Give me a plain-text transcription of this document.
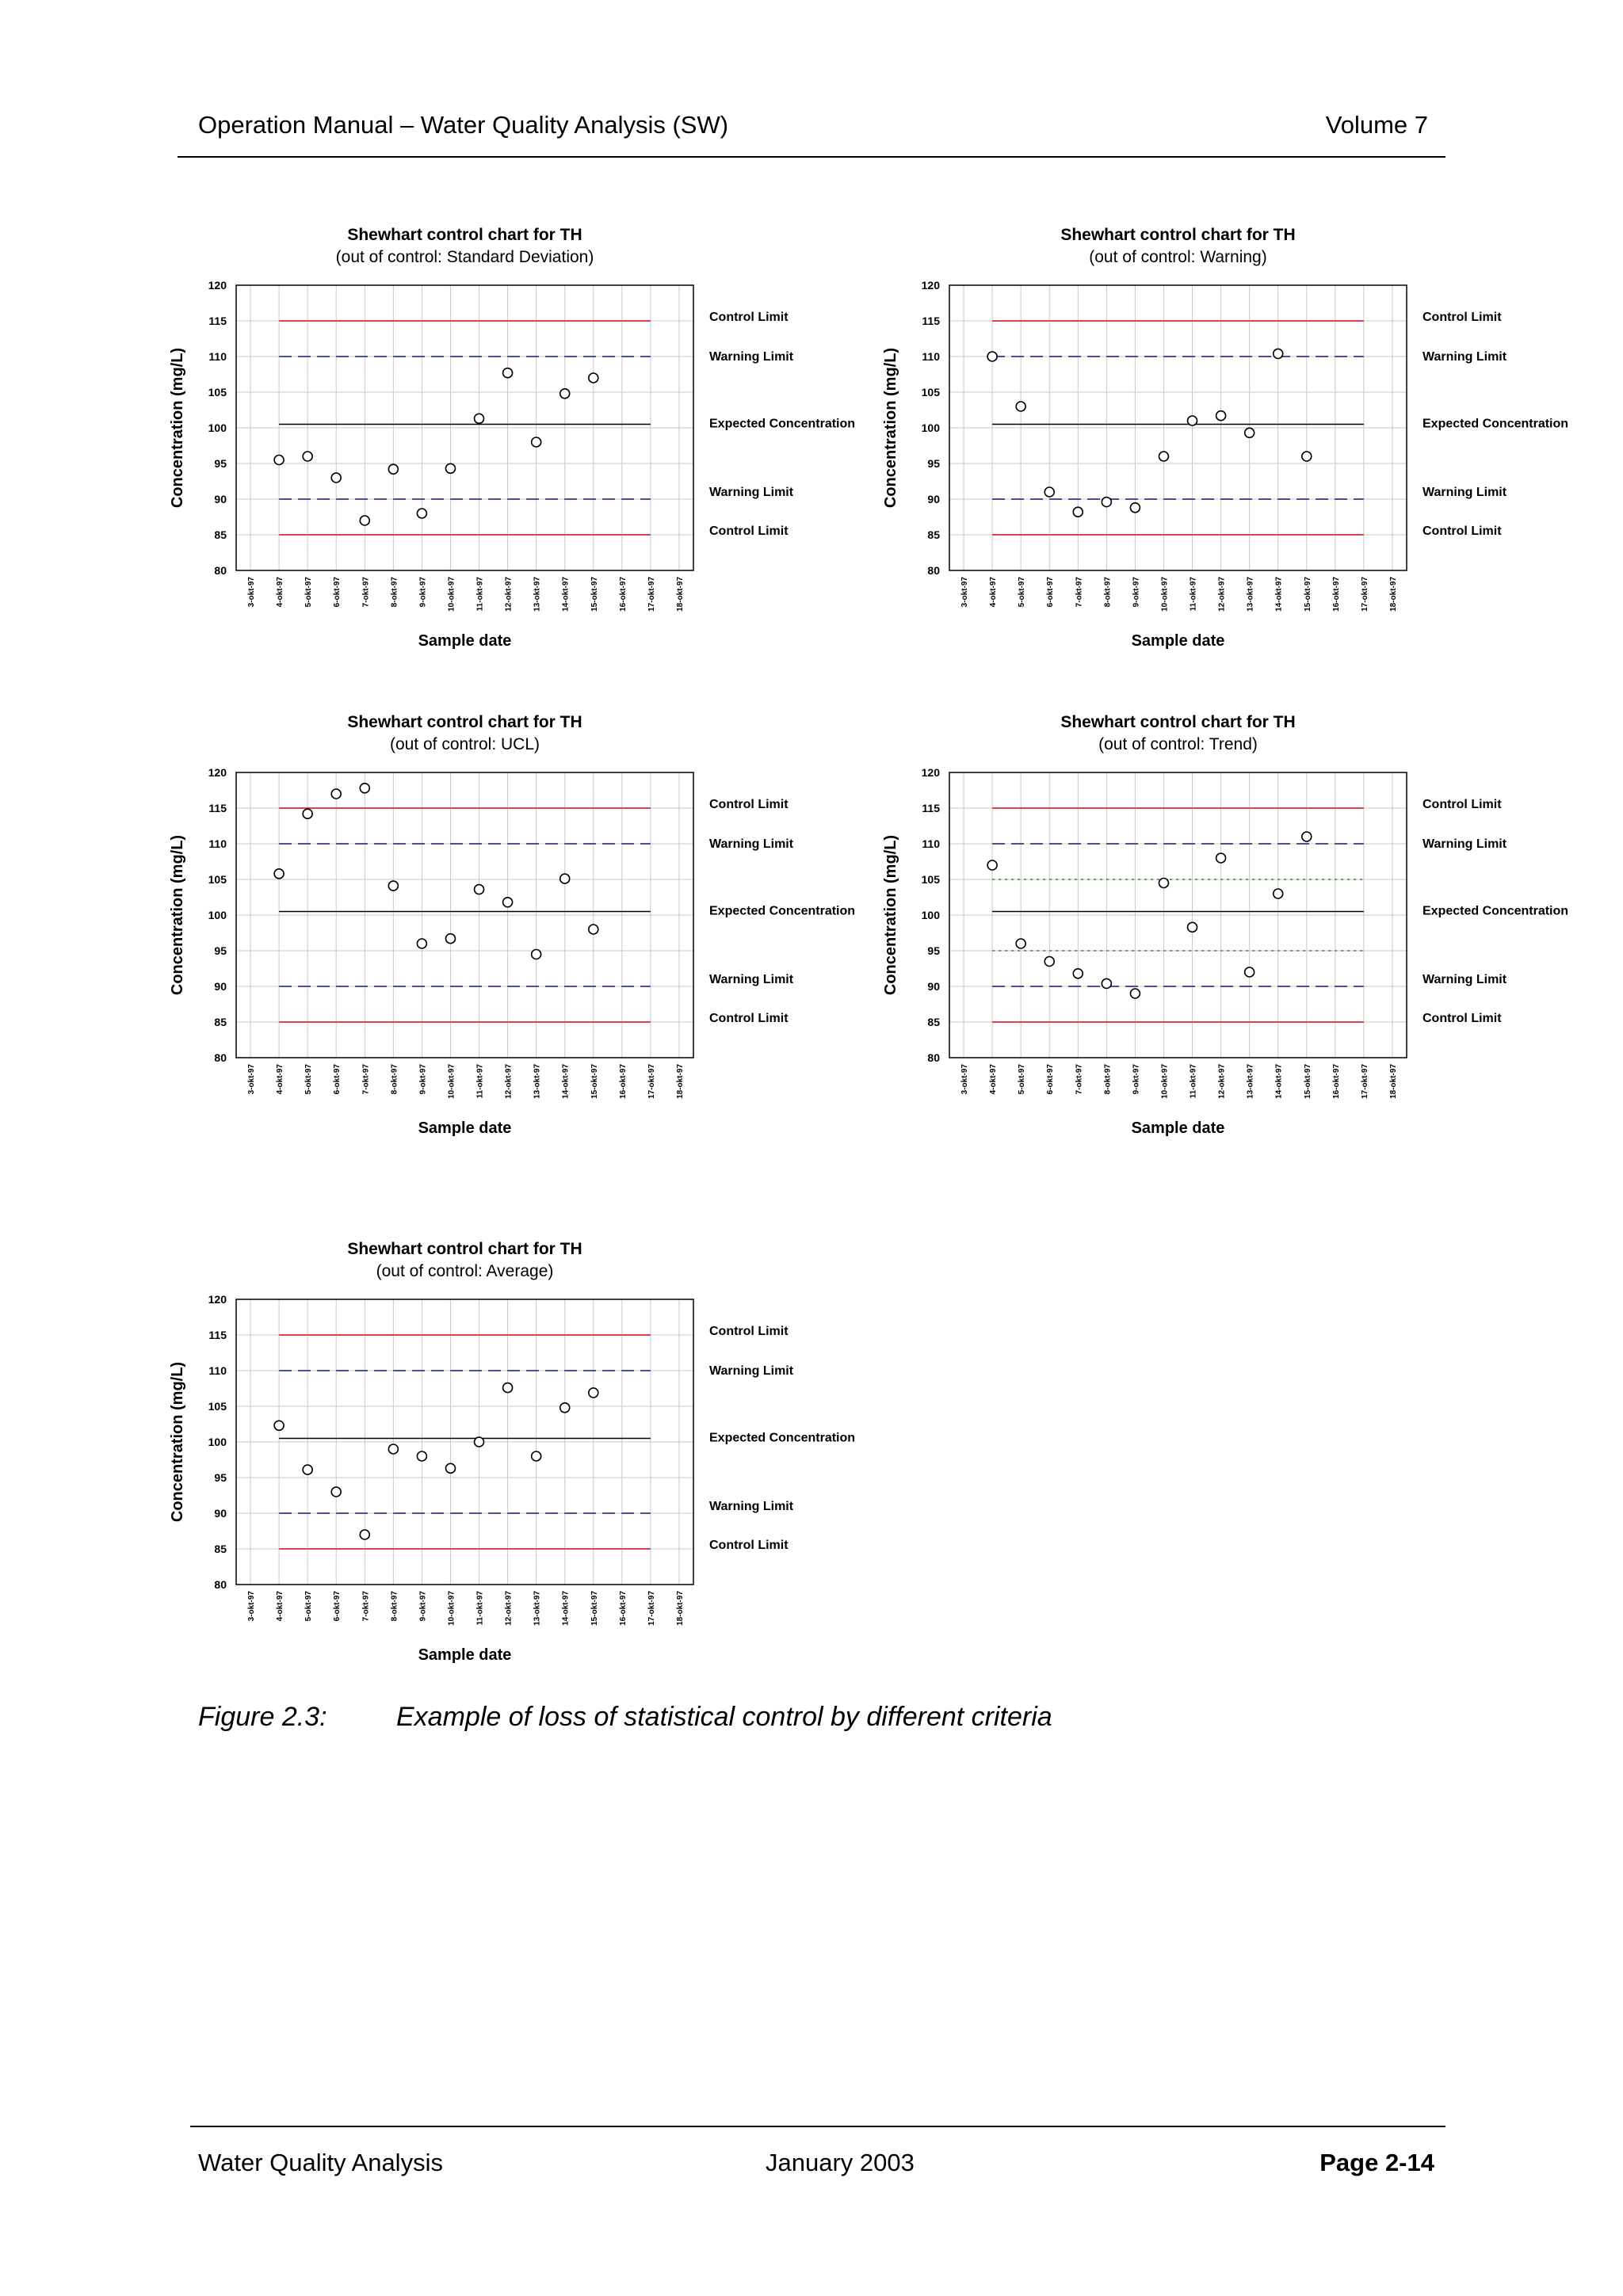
Operation Manual – Water Quality Analysis (SW)	Volume 7
Shewhart control chart for TH
(out of control: Standard Deviation)
80
85
90
95
100
105
110
115
120
3-okt-97	4-okt-97	5-okt-97	6-okt-97	7-okt-97	8-okt-97	9-okt-97	10-okt-97	11-okt-97	12-okt-97	13-okt-97	14-okt-97	15-okt-97	16-okt-97	17-okt-97	18-okt-97
Sample date
Concentration (mg/L)
Control Limit
Warning Limit
Expected Concentration
Warning Limit
Control Limit
Shewhart control chart for TH
(out of control: Warning)
80
85
90
95
100
105
110
115
120
3-okt-97	4-okt-97	5-okt-97	6-okt-97	7-okt-97	8-okt-97	9-okt-97	10-okt-97	11-okt-97	12-okt-97	13-okt-97	14-okt-97	15-okt-97	16-okt-97	17-okt-97	18-okt-97
Sample date
Concentration (mg/L)
Control Limit
Warning Limit
Expected Concentration
Warning Limit
Control Limit
Shewhart control chart for TH
(out of control: UCL)
80
85
90
95
100
105
110
115
120
3-okt-97	4-okt-97	5-okt-97	6-okt-97	7-okt-97	8-okt-97	9-okt-97	10-okt-97	11-okt-97	12-okt-97	13-okt-97	14-okt-97	15-okt-97	16-okt-97	17-okt-97	18-okt-97
Sample date
Concentration (mg/L)
Control Limit
Warning Limit
Expected Concentration
Warning Limit
Control Limit
Shewhart control chart for TH
(out of control: Trend)
80
85
90
95
100
105
110
115
120
3-okt-97	4-okt-97	5-okt-97	6-okt-97	7-okt-97	8-okt-97	9-okt-97	10-okt-97	11-okt-97	12-okt-97	13-okt-97	14-okt-97	15-okt-97	16-okt-97	17-okt-97	18-okt-97
Sample date
Concentration (mg/L)
Control Limit
Warning Limit
Expected Concentration
Warning Limit
Control Limit
Shewhart control chart for TH
(out of control: Average)
80
85
90
95
100
105
110
115
120
3-okt-97	4-okt-97	5-okt-97	6-okt-97	7-okt-97	8-okt-97	9-okt-97	10-okt-97	11-okt-97	12-okt-97	13-okt-97	14-okt-97	15-okt-97	16-okt-97	17-okt-97	18-okt-97
Sample date
Concentration (mg/L)
Control Limit
Warning Limit
Expected Concentration
Warning Limit
Control Limit
Figure 2.3:	Example of loss of statistical control by different criteria
Water Quality Analysis	January 2003	Page 2-14
